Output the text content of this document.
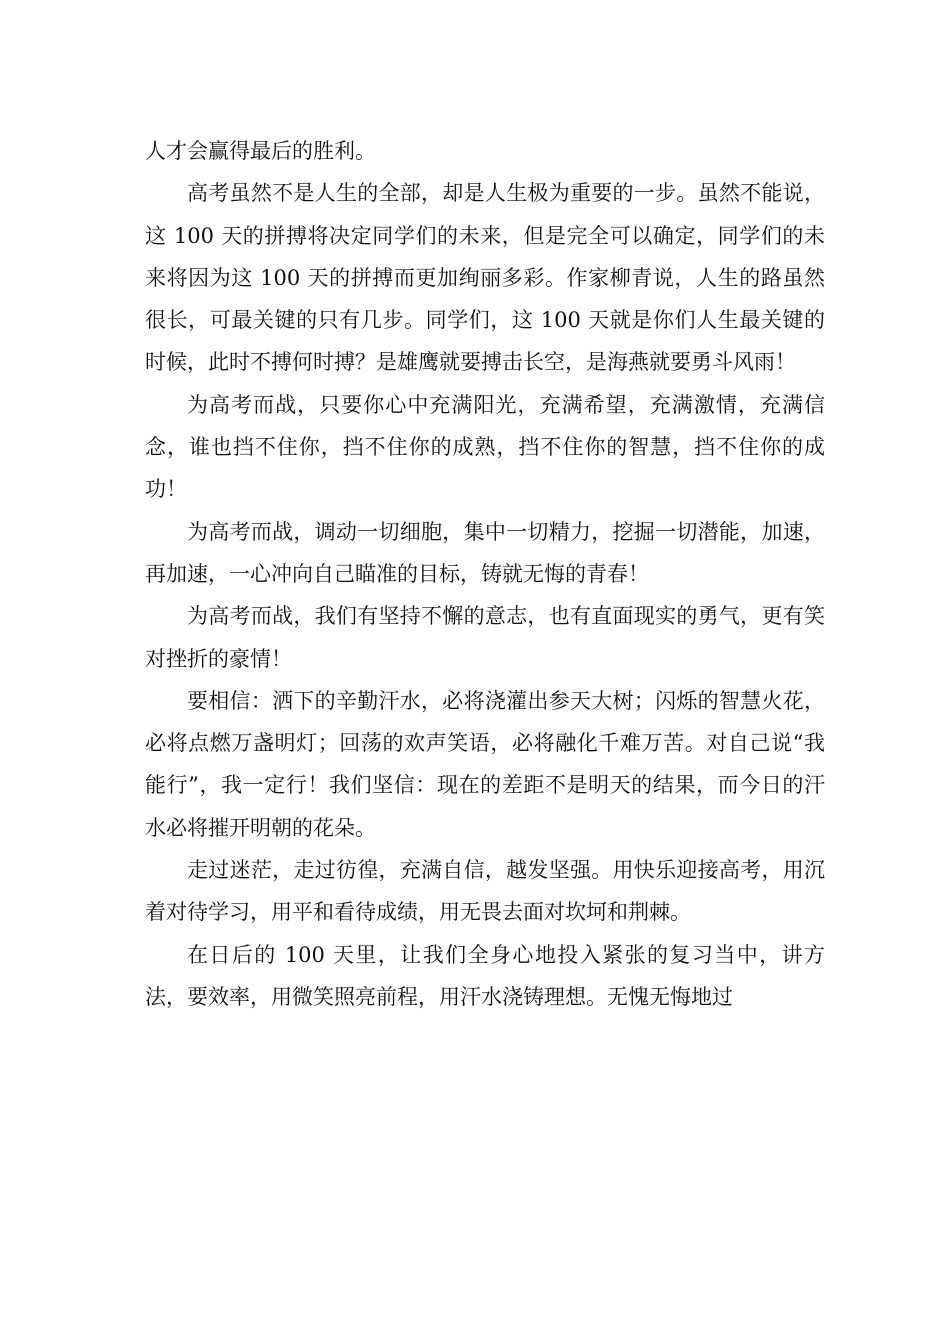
人才会赢得最后的胜利。

高考虽然不是人生的全部，却是人生极为重要的一步。虽然不能说，这 100 天的拼搏将决定同学们的未来，但是完全可以确定，同学们的未来将因为这 100 天的拼搏而更加绚丽多彩。作家柳青说，人生的路虽然很长，可最关键的只有几步。同学们，这 100 天就是你们人生最关键的时候，此时不搏何时搏？是雄鹰就要搏击长空，是海燕就要勇斗风雨！

为高考而战，只要你心中充满阳光，充满希望，充满激情，充满信念，谁也挡不住你，挡不住你的成熟，挡不住你的智慧，挡不住你的成功！

为高考而战，调动一切细胞，集中一切精力，挖掘一切潜能，加速，再加速，一心冲向自己瞄准的目标，铸就无悔的青春！

为高考而战，我们有坚持不懈的意志，也有直面现实的勇气，更有笑对挫折的豪情！

要相信：洒下的辛勤汗水，必将浇灌出参天大树；闪烁的智慧火花，必将点燃万盏明灯；回荡的欢声笑语，必将融化千难万苦。对自己说“我能行”，我一定行！我们坚信：现在的差距不是明天的结果，而今日的汗水必将摧开明朝的花朵。

走过迷茫，走过彷徨，充满自信，越发坚强。用快乐迎接高考，用沉着对待学习，用平和看待成绩，用无畏去面对坎坷和荆棘。

在日后的 100 天里，让我们全身心地投入紧张的复习当中，讲方法，要效率，用微笑照亮前程，用汗水浇铸理想。无愧无悔地过
